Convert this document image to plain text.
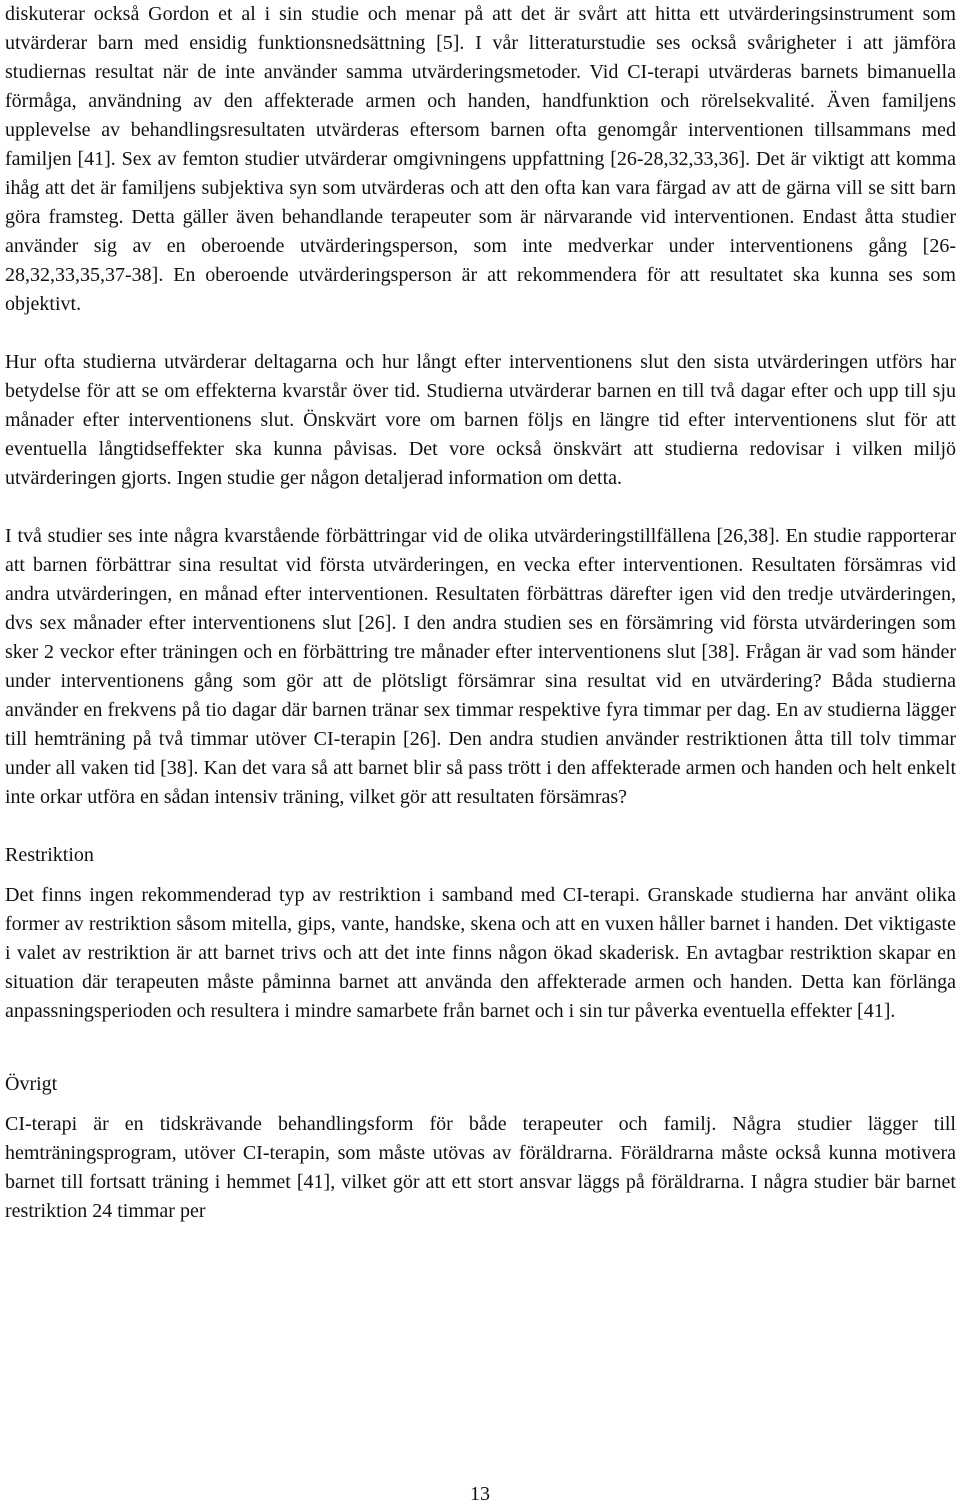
diskuterar också Gordon et al i sin studie och menar på att det är svårt att hitta ett utvärderingsinstrument som utvärderar barn med ensidig funktionsnedsättning [5]. I vår litteraturstudie ses också svårigheter i att jämföra studiernas resultat när de inte använder samma utvärderingsmetoder. Vid CI-terapi utvärderas barnets bimanuella förmåga, användning av den affekterade armen och handen, handfunktion och rörelsekvalité. Även familjens upplevelse av behandlingsresultaten utvärderas eftersom barnen ofta genomgår interventionen tillsammans med familjen [41]. Sex av femton studier utvärderar omgivningens uppfattning [26-28,32,33,36]. Det är viktigt att komma ihåg att det är familjens subjektiva syn som utvärderas och att den ofta kan vara färgad av att de gärna vill se sitt barn göra framsteg. Detta gäller även behandlande terapeuter som är närvarande vid interventionen. Endast åtta studier använder sig av en oberoende utvärderingsperson, som inte medverkar under interventionens gång [26-28,32,33,35,37-38]. En oberoende utvärderingsperson är att rekommendera för att resultatet ska kunna ses som objektivt.

Hur ofta studierna utvärderar deltagarna och hur långt efter interventionens slut den sista utvärderingen utförs har betydelse för att se om effekterna kvarstår över tid. Studierna utvärderar barnen en till två dagar efter och upp till sju månader efter interventionens slut. Önskvärt vore om barnen följs en längre tid efter interventionens slut för att eventuella långtidseffekter ska kunna påvisas. Det vore också önskvärt att studierna redovisar i vilken miljö utvärderingen gjorts. Ingen studie ger någon detaljerad information om detta.

I två studier ses inte några kvarstående förbättringar vid de olika utvärderingstillfällena [26,38]. En studie rapporterar att barnen förbättrar sina resultat vid första utvärderingen, en vecka efter interventionen. Resultaten försämras vid andra utvärderingen, en månad efter interventionen. Resultaten förbättras därefter igen vid den tredje utvärderingen, dvs sex månader efter interventionens slut [26]. I den andra studien ses en försämring vid första utvärderingen som sker 2 veckor efter träningen och en förbättring tre månader efter interventionens slut [38]. Frågan är vad som händer under interventionens gång som gör att de plötsligt försämrar sina resultat vid en utvärdering? Båda studierna använder en frekvens på tio dagar där barnen tränar sex timmar respektive fyra timmar per dag. En av studierna lägger till hemträning på två timmar utöver CI-terapin [26]. Den andra studien använder restriktionen åtta till tolv timmar under all vaken tid [38]. Kan det vara så att barnet blir så pass trött i den affekterade armen och handen och helt enkelt inte orkar utföra en sådan intensiv träning, vilket gör att resultaten försämras?

Restriktion

Det finns ingen rekommenderad typ av restriktion i samband med CI-terapi. Granskade studierna har använt olika former av restriktion såsom mitella, gips, vante, handske, skena och att en vuxen håller barnet i handen. Det viktigaste i valet av restriktion är att barnet trivs och att det inte finns någon ökad skaderisk. En avtagbar restriktion skapar en situation där terapeuten måste påminna barnet att använda den affekterade armen och handen. Detta kan förlänga anpassningsperioden och resultera i mindre samarbete från barnet och i sin tur påverka eventuella effekter [41].

Övrigt

CI-terapi är en tidskrävande behandlingsform för både terapeuter och familj. Några studier lägger till hemträningsprogram, utöver CI-terapin, som måste utövas av föräldrarna. Föräldrarna måste också kunna motivera barnet till fortsatt träning i hemmet [41], vilket gör att ett stort ansvar läggs på föräldrarna. I några studier bär barnet restriktion 24 timmar per

13
